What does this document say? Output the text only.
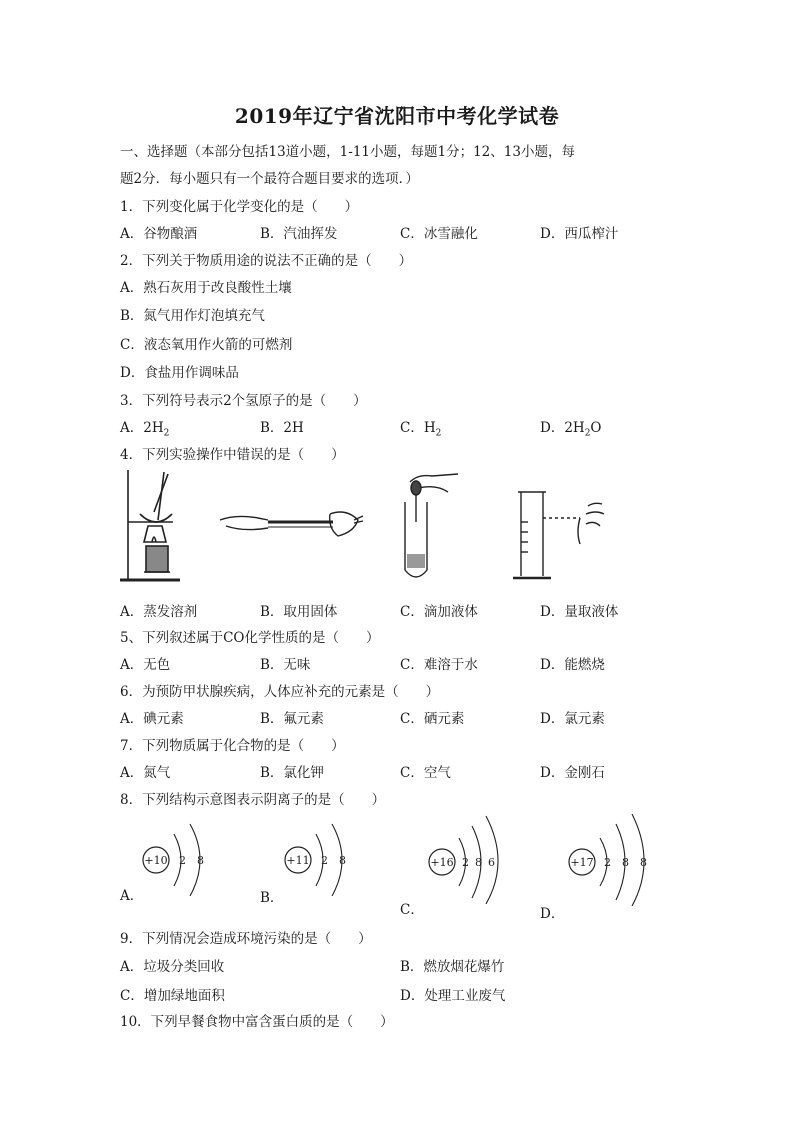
2019年辽宁省沈阳市中考化学试卷
一、选择题（本部分包括13道小题，1-11小题，每题1分；12、13小题，每
题2分．每小题只有一个最符合题目要求的选项．）
1．下列变化属于化学变化的是（　　）
A．谷物酿酒	B．汽油挥发	C．冰雪融化	D．西瓜榨汁
2．下列关于物质用途的说法不正确的是（　　）
A．熟石灰用于改良酸性土壤
B．氮气用作灯泡填充气
C．液态氧用作火箭的可燃剂
D．食盐用作调味品
3．下列符号表示2个氢原子的是（　　）
A．$2H_2$	B．2H	C．$H_2$	D．$2H_2O$
4．下列实验操作中错误的是（　　）
A．蒸发溶剂	B．取用固体	C．滴加液体	D．量取液体
5、下列叙述属于CO化学性质的是（　　）
A．无色	B．无味	C．难溶于水	D．能燃烧
6．为预防甲状腺疾病，人体应补充的元素是（　　）
A．碘元素	B．氟元素	C．硒元素	D．氯元素
7．下列物质属于化合物的是（　　）
A．氮气	B．氯化钾	C．空气	D．金刚石
8．下列结构示意图表示阴离子的是（　　）
+10 2 8	+11 2 8	+16 2 8 6	+17 2 8 8
A．	B．
C．	D．
9．下列情况会造成环境污染的是（　　）
A．垃圾分类回收	B．燃放烟花爆竹
C．增加绿地面积	D．处理工业废气
10．下列早餐食物中富含蛋白质的是（　　）
